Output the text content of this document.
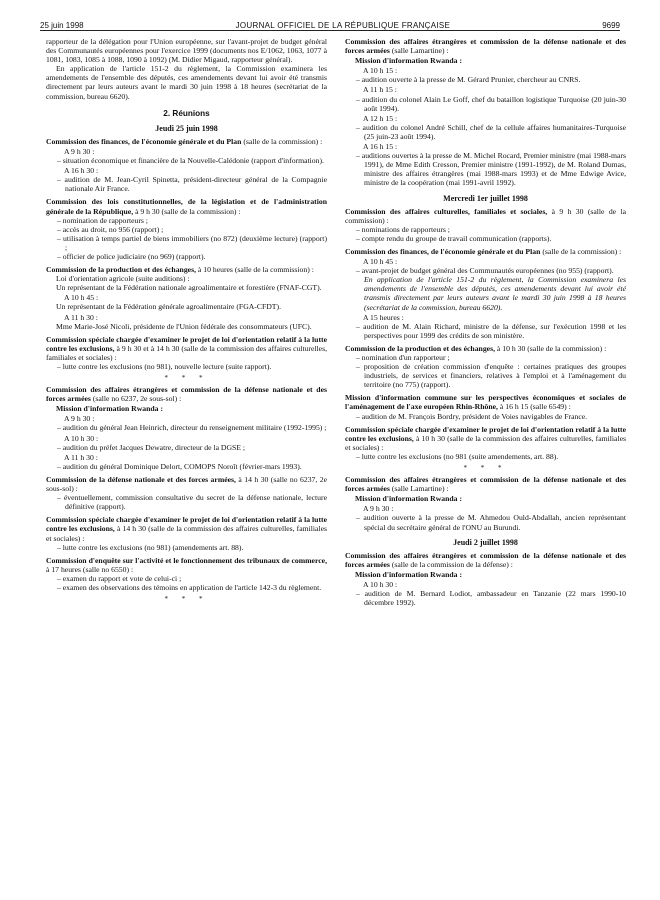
25 juin 1998	JOURNAL OFFICIEL DE LA RÉPUBLIQUE FRANÇAISE	9699

rapporteur de la délégation pour l'Union européenne, sur l'avant-projet de budget général des Communautés européennes pour l'exercice 1999 (documents nos E/1062, 1063, 1077 à 1081, 1083, 1085 à 1088, 1090 à 1092) (M. Didier Migaud, rapporteur général).

En application de l'article 151-2 du règlement, la Commission examinera les amendements de l'ensemble des députés, ces amendements devant lui avoir été transmis directement par leurs auteurs avant le mardi 30 juin 1998 à 18 heures (secrétariat de la commission, bureau 6620).

2. Réunions
Jeudi 25 juin 1998

Commission des finances, de l'économie générale et du Plan (salle de la commission) :

A 9 h 30 :

– situation économique et financière de la Nouvelle-Calédonie (rapport d'information).

A 16 h 30 :

– audition de M. Jean-Cyril Spinetta, président-directeur général de la Compagnie nationale Air France.

Commission des lois constitutionnelles, de la législation et de l'administration générale de la République, à 9 h 30 (salle de la commission) :

– nomination de rapporteurs ;
– accès au droit, no 956 (rapport) ;
– utilisation à temps partiel de biens immobiliers (no 872) (deuxième lecture) (rapport) ;
– officier de police judiciaire (no 969) (rapport).

Commission de la production et des échanges, à 10 heures (salle de la commission) :

Loi d'orientation agricole (suite auditions) :

Un représentant de la Fédération nationale agroalimentaire et forestière (FNAF-CGT).

A 10 h 45 :

Un représentant de la Fédération générale agroalimentaire (FGA-CFDT).

A 11 h 30 :

Mme Marie-José Nicoli, présidente de l'Union fédérale des consommateurs (UFC).

Commission spéciale chargée d'examiner le projet de loi d'orientation relatif à la lutte contre les exclusions, à 9 h 30 et à 14 h 30 (salle de la commission des affaires culturelles, familiales et sociales) :

– lutte contre les exclusions (no 981), nouvelle lecture (suite rapport).
* * *

Commission des affaires étrangères et commission de la défense nationale et des forces armées (salle no 6237, 2e sous-sol) :

Mission d'information Rwanda :

A 9 h 30 :

– audition du général Jean Heinrich, directeur du renseignement militaire (1992-1995) ;

A 10 h 30 :

– audition du préfet Jacques Dewatre, directeur de la DGSE ;

A 11 h 30 :

– audition du général Dominique Delort, COMOPS Noroît (février-mars 1993).

Commission de la défense nationale et des forces armées, à 14 h 30 (salle no 6237, 2e sous-sol) :

– éventuellement, commission consultative du secret de la défense nationale, lecture définitive (rapport).

Commission spéciale chargée d'examiner le projet de loi d'orientation relatif à la lutte contre les exclusions, à 14 h 30 (salle de la commission des affaires culturelles, familiales et sociales) :

– lutte contre les exclusions (no 981) (amendements art. 88).

Commission d'enquête sur l'activité et le fonctionnement des tribunaux de commerce, à 17 heures (salle no 6550) :

– examen du rapport et vote de celui-ci ;
– examen des observations des témoins en application de l'article 142-3 du règlement.
* * *

Commission des affaires étrangères et commission de la défense nationale et des forces armées (salle Lamartine) :

Mission d'information Rwanda :

A 10 h 15 :

– audition ouverte à la presse de M. Gérard Prunier, chercheur au CNRS.

A 11 h 15 :

– audition du colonel Alain Le Goff, chef du bataillon logistique Turquoise (20 juin-30 août 1994).

A 12 h 15 :

– audition du colonel André Schill, chef de la cellule affaires humanitaires-Turquoise (25 juin-23 août 1994).

A 16 h 15 :

– auditions ouvertes à la presse de M. Michel Rocard, Premier ministre (mai 1988-mars 1991), de Mme Edith Cresson, Premier ministre (1991-1992), de M. Roland Dumas, ministre des affaires étrangères (mai 1988-mars 1993) et de Mme Edwige Avice, ministre de la coopération (mai 1991-avril 1992).
Mercredi 1er juillet 1998

Commission des affaires culturelles, familiales et sociales, à 9 h 30 (salle de la commission) :

– nominations de rapporteurs ;
– compte rendu du groupe de travail communication (rapports).

Commission des finances, de l'économie générale et du Plan (salle de la commission) :

A 10 h 45 :

– avant-projet de budget général des Communautés européennes (no 955) (rapport).

En application de l'article 151-2 du règlement, la Commission examinera les amendements de l'ensemble des députés, ces amendements devant lui avoir été transmis directement par leurs auteurs avant le mardi 30 juin 1998 à 18 heures (secrétariat de la commission, bureau 6620).

A 15 heures :

– audition de M. Alain Richard, ministre de la défense, sur l'exécution 1998 et les perspectives pour 1999 des crédits de son ministère.

Commission de la production et des échanges, à 10 h 30 (salle de la commission) :

– nomination d'un rapporteur ;
– proposition de création commission d'enquête : certaines pratiques des groupes industriels, de services et financiers, relatives à l'emploi et à l'aménagement du territoire (no 775) (rapport).

Mission d'information commune sur les perspectives économiques et sociales de l'aménagement de l'axe européen Rhin-Rhône, à 16 h 15 (salle 6549) :

– audition de M. François Bordry, président de Voies navigables de France.

Commission spéciale chargée d'examiner le projet de loi d'orientation relatif à la lutte contre les exclusions, à 10 h 30 (salle de la commission des affaires culturelles, familiales et sociales) :

– lutte contre les exclusions (no 981 (suite amendements, art. 88).
* * *

Commission des affaires étrangères et commission de la défense nationale et des forces armées (salle Lamartine) :

Mission d'information Rwanda :

A 9 h 30 :

– audition ouverte à la presse de M. Ahmedou Ould-Abdallah, ancien représentant spécial du secrétaire général de l'ONU au Burundi.
Jeudi 2 juillet 1998

Commission des affaires étrangères et commission de la défense nationale et des forces armées (salle de la commission de la défense) :

Mission d'information Rwanda :

A 10 h 30 :

– audition de M. Bernard Lodiot, ambassadeur en Tanzanie (22 mars 1990-10 décembre 1992).
